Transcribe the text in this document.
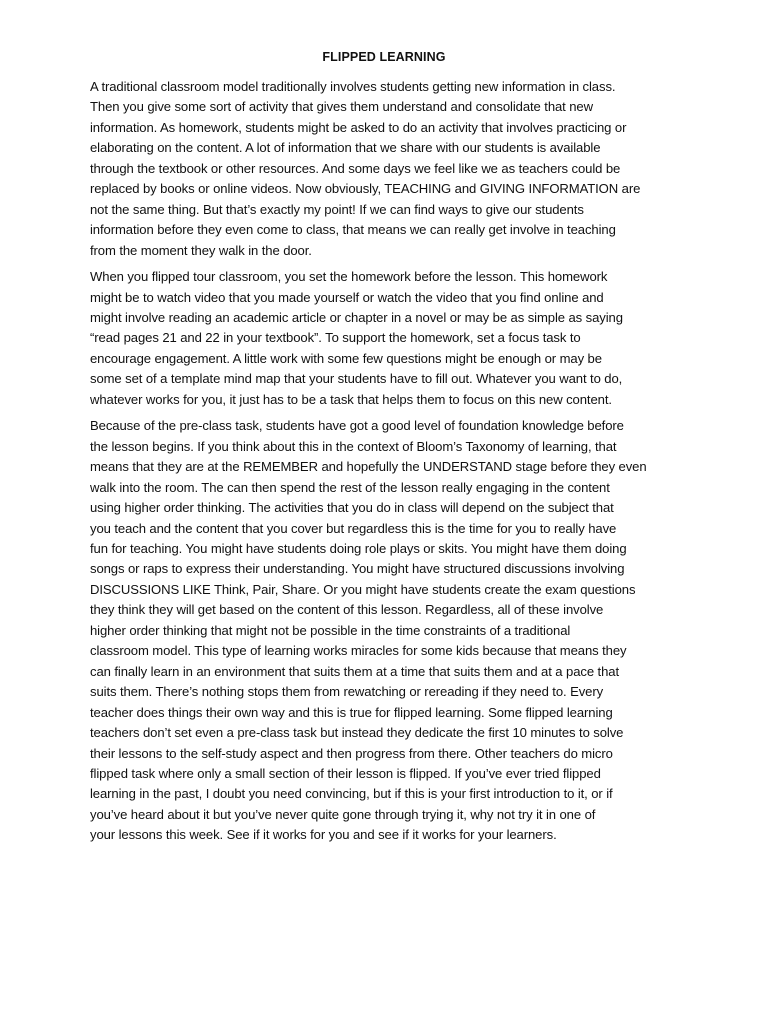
FLIPPED LEARNING
A traditional classroom model traditionally involves students getting new information in class.
Then you give some sort of activity that gives them understand and consolidate that new
information. As homework, students might be asked to do an activity that involves practicing or
elaborating on the content. A lot of information that we share with our students is available
through the textbook or other resources. And some days we feel like we as teachers could be
replaced by books or online videos. Now obviously, TEACHING and GIVING INFORMATION are
not the same thing. But that’s exactly my point! If we can find ways to give our students
information before they even come to class, that means we can really get involve in teaching
from the moment they walk in the door.
When you flipped tour classroom, you set the homework before the lesson. This homework
might be to watch video that you made yourself or watch the video that you find online and
might involve reading an academic article or chapter in a novel or may be as simple as saying
“read pages 21 and 22 in your textbook”. To support the homework, set a focus task to
encourage engagement. A little work with some few questions might be enough or may be
some set of a template mind map that your students have to fill out. Whatever you want to do,
whatever works for you, it just has to be a task that helps them to focus on this new content.
Because of the pre-class task, students have got a good level of foundation knowledge before
the lesson begins. If you think about this in the context of Bloom’s Taxonomy of learning, that
means that they are at the REMEMBER and hopefully the UNDERSTAND stage before they even
walk into the room. The can then spend the rest of the lesson really engaging in the content
using higher order thinking. The activities that you do in class will depend on the subject that
you teach and the content that you cover but regardless this is the time for you to really have
fun for teaching. You might have students doing role plays or skits. You might have them doing
songs or raps to express their understanding. You might have structured discussions involving
DISCUSSIONS LIKE Think, Pair, Share. Or you might have students create the exam questions
they think they will get based on the content of this lesson. Regardless, all of these involve
higher order thinking that might not be possible in the time constraints of a traditional
classroom model. This type of learning works miracles for some kids because that means they
can finally learn in an environment that suits them at a time that suits them and at a pace that
suits them. There’s nothing stops them from rewatching or rereading if they need to. Every
teacher does things their own way and this is true for flipped learning. Some flipped learning
teachers don’t set even a pre-class task but instead they dedicate the first 10 minutes to solve
their lessons to the self-study aspect and then progress from there. Other teachers do micro
flipped task where only a small section of their lesson is flipped. If you’ve ever tried flipped
learning in the past, I doubt you need convincing, but if this is your first introduction to it, or if
you’ve heard about it but you’ve never quite gone through trying it, why not try it in one of
your lessons this week. See if it works for you and see if it works for your learners.
